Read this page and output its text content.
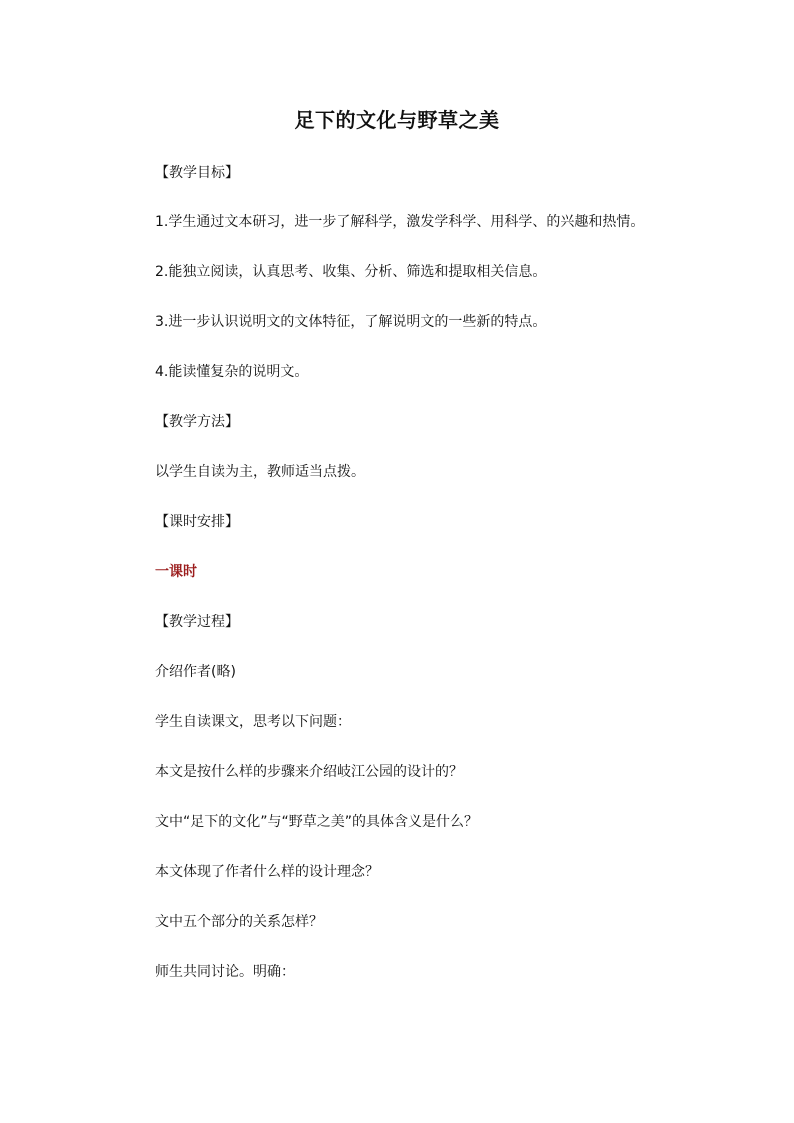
足下的文化与野草之美
【教学目标】
1.学生通过文本研习，进一步了解科学，激发学科学、用科学、的兴趣和热情。
2.能独立阅读，认真思考、收集、分析、筛选和提取相关信息。
3.进一步认识说明文的文体特征，了解说明文的一些新的特点。
4.能读懂复杂的说明文。
【教学方法】
以学生自读为主，教师适当点拨。
【课时安排】
一课时
【教学过程】
介绍作者(略)
学生自读课文，思考以下问题：
本文是按什么样的步骤来介绍岐江公园的设计的？
文中“足下的文化”与“野草之美”的具体含义是什么？
本文体现了作者什么样的设计理念？
文中五个部分的关系怎样？
师生共同讨论。明确：
